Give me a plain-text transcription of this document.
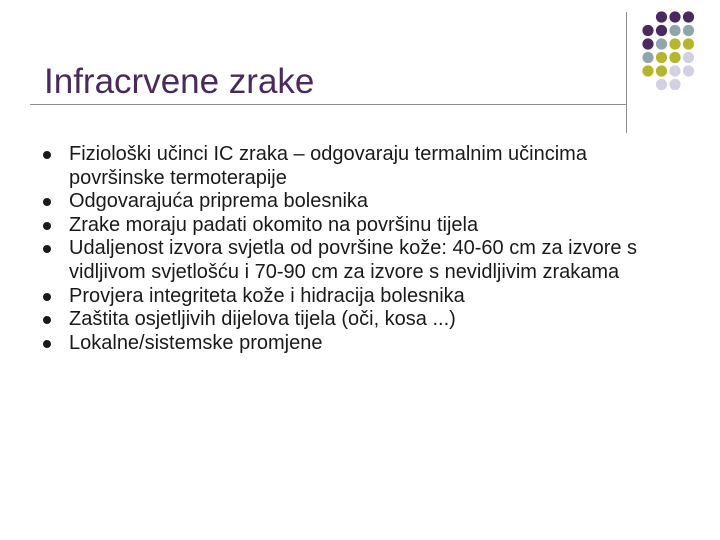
Infracrvene zrake
Fiziološki učinci IC zraka – odgovaraju termalnim učincima površinske termoterapije
Odgovarajuća priprema bolesnika
Zrake moraju padati okomito na površinu tijela
Udaljenost izvora svjetla od površine kože: 40-60 cm za izvore s vidljivom svjetlošću i 70-90 cm za izvore s nevidljivim zrakama
Provjera integriteta kože i hidracija bolesnika
Zaštita osjetljivih dijelova tijela (oči, kosa ...)
Lokalne/sistemske promjene
